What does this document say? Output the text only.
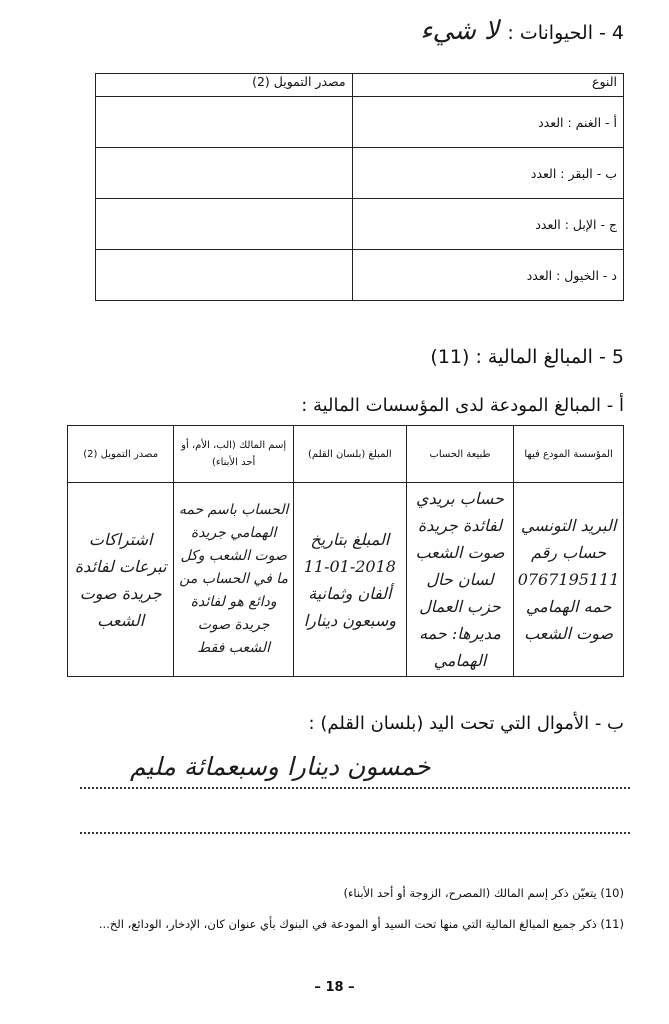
4 - الحيوانات :
لا شيء
النوع	مصدر التمويل (2)
أ - الغنم : العدد	
ب - البقر : العدد	
ج - الإبل : العدد	
د - الخيول : العدد	
5 - المبالغ المالية : (11)
أ - المبالغ المودعة لدى المؤسسات المالية :
المؤسسة المودع فيها	طبيعة الحساب	المبلغ (بلسان القلم)	إسم المالك (الب، الأم، أو أحد الأبناء)	مصدر التمويل (2)
البريد التونسي حساب رقم 0767195111 حمه الهمامي صوت الشعب	حساب بريدي لفائدة جريدة صوت الشعب لسان حال حزب العمال مديرها: حمه الهمامي	المبلغ بتاريخ 2018-01-11 ألفان وثمانية وسبعون دينارا	الحساب باسم حمه الهمامي جريدة صوت الشعب وكل ما في الحساب من ودائع هو لفائدة جريدة صوت الشعب فقط	اشتراكات تبرعات لفائدة جريدة صوت الشعب
ب - الأموال التي تحت اليد (بلسان القلم) :
خمسون دينارا وسبعمائة مليم
(10) يتعيّن ذكر إسم المالك (المصرح، الزوجة أو أحد الأبناء)
(11) ذكر جميع المبالغ المالية التي منها تحت السيد أو المودعة في البنوك بأي عنوان كان، الإدخار، الودائع، الخ...
– 18 –
